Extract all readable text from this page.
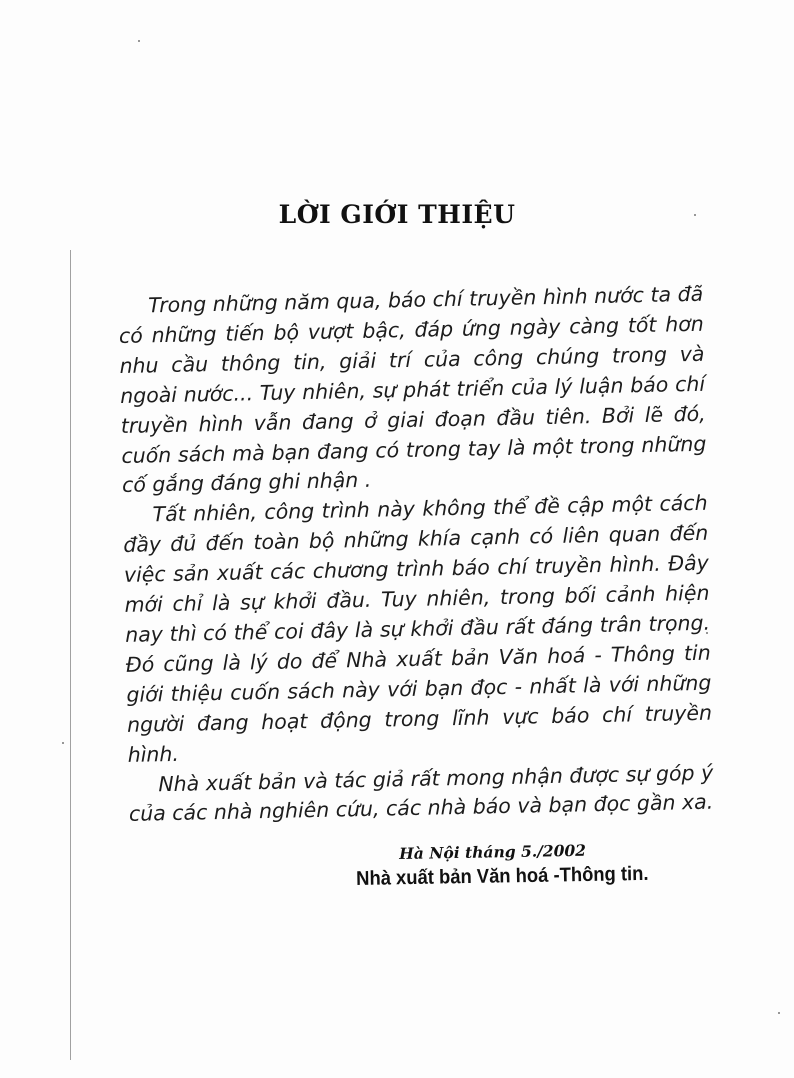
LỜI GIỚI THIỆU

Trong những năm qua, báo chí truyền hình nước ta đã có những tiến bộ vượt bậc, đáp ứng ngày càng tốt hơn nhu cầu thông tin, giải trí của công chúng trong và ngoài nước... Tuy nhiên, sự phát triển của lý luận báo chí truyền hình vẫn đang ở giai đoạn đầu tiên. Bởi lẽ đó, cuốn sách mà bạn đang có trong tay là một trong những cố gắng đáng ghi nhận .

Tất nhiên, công trình này không thể đề cập một cách đầy đủ đến toàn bộ những khía cạnh có liên quan đến việc sản xuất các chương trình báo chí truyền hình. Đây mới chỉ là sự khởi đầu. Tuy nhiên, trong bối cảnh hiện nay thì có thể coi đây là sự khởi đầu rất đáng trân trọng. Đó cũng là lý do để Nhà xuất bản Văn hoá - Thông tin giới thiệu cuốn sách này với bạn đọc - nhất là với những người đang hoạt động trong lĩnh vực báo chí truyền hình.

Nhà xuất bản và tác giả rất mong nhận được sự góp ý của các nhà nghiên cứu, các nhà báo và bạn đọc gần xa.

Hà Nội tháng 5./2002
Nhà xuất bản Văn hoá -Thông tin.
